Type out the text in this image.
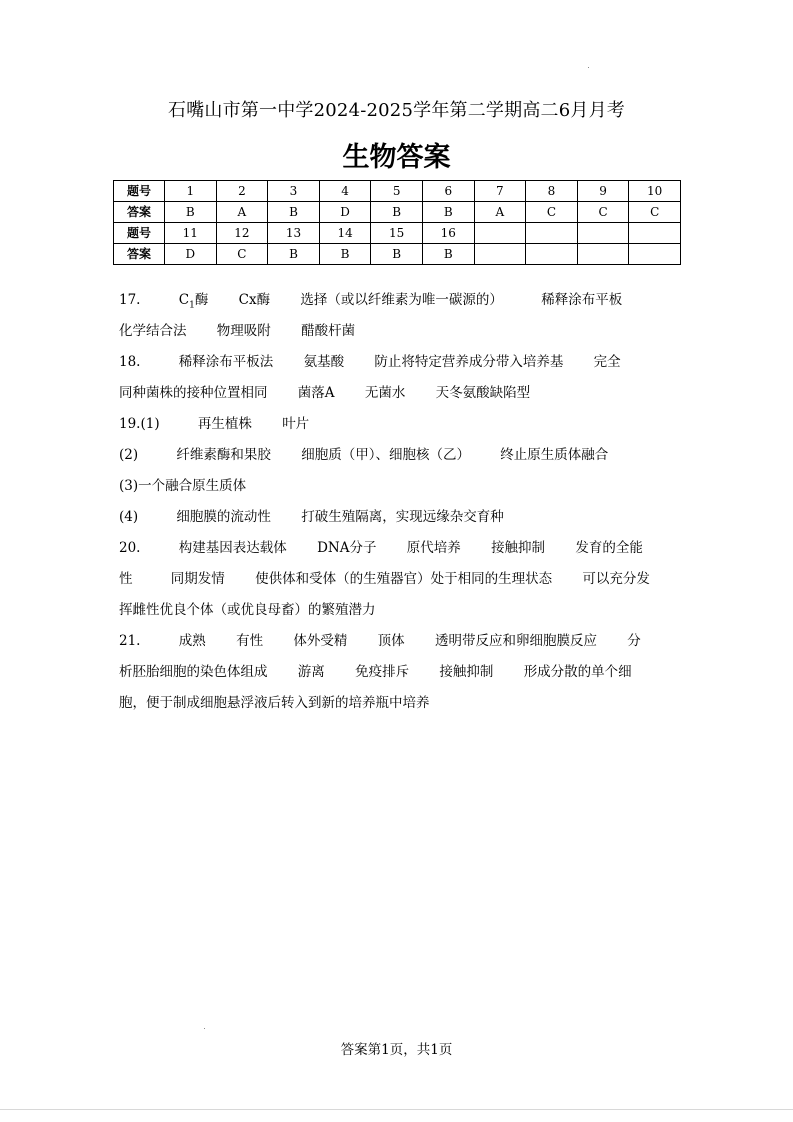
石嘴山市第一中学2024-2025学年第二学期高二6月月考
生物答案
题号	1	2	3	4	5	6	7	8	9	10
答案	B	A	B	D	B	B	A	C	C	C
题号	11	12	13	14	15	16				
答案	D	C	B	B	B	B				
17.	$C_1$酶 Cx酶 选择（或以纤维素为唯一碳源的）	稀释涂布平板
化学结合法 物理吸附 醋酸杆菌
18.	稀释涂布平板法 氨基酸 防止将特定营养成分带入培养基 完全
同种菌株的接种位置相同 菌落A 无菌水 天冬氨酸缺陷型
19.(1)	再生植株 叶片
(2)	纤维素酶和果胶 细胞质（甲）、细胞核（乙） 终止原生质体融合
(3)一个融合原生质体
(4)	细胞膜的流动性 打破生殖隔离，实现远缘杂交育种
20.	构建基因表达载体 DNA分子 原代培养 接触抑制 发育的全能
性	同期发情 使供体和受体（的生殖器官）处于相同的生理状态 可以充分发
挥雌性优良个体（或优良母畜）的繁殖潜力
21.	成熟 有性 体外受精 顶体 透明带反应和卵细胞膜反应 分
析胚胎细胞的染色体组成 游离 免疫排斥 接触抑制 形成分散的单个细
胞，便于制成细胞悬浮液后转入到新的培养瓶中培养
答案第1页，共1页
